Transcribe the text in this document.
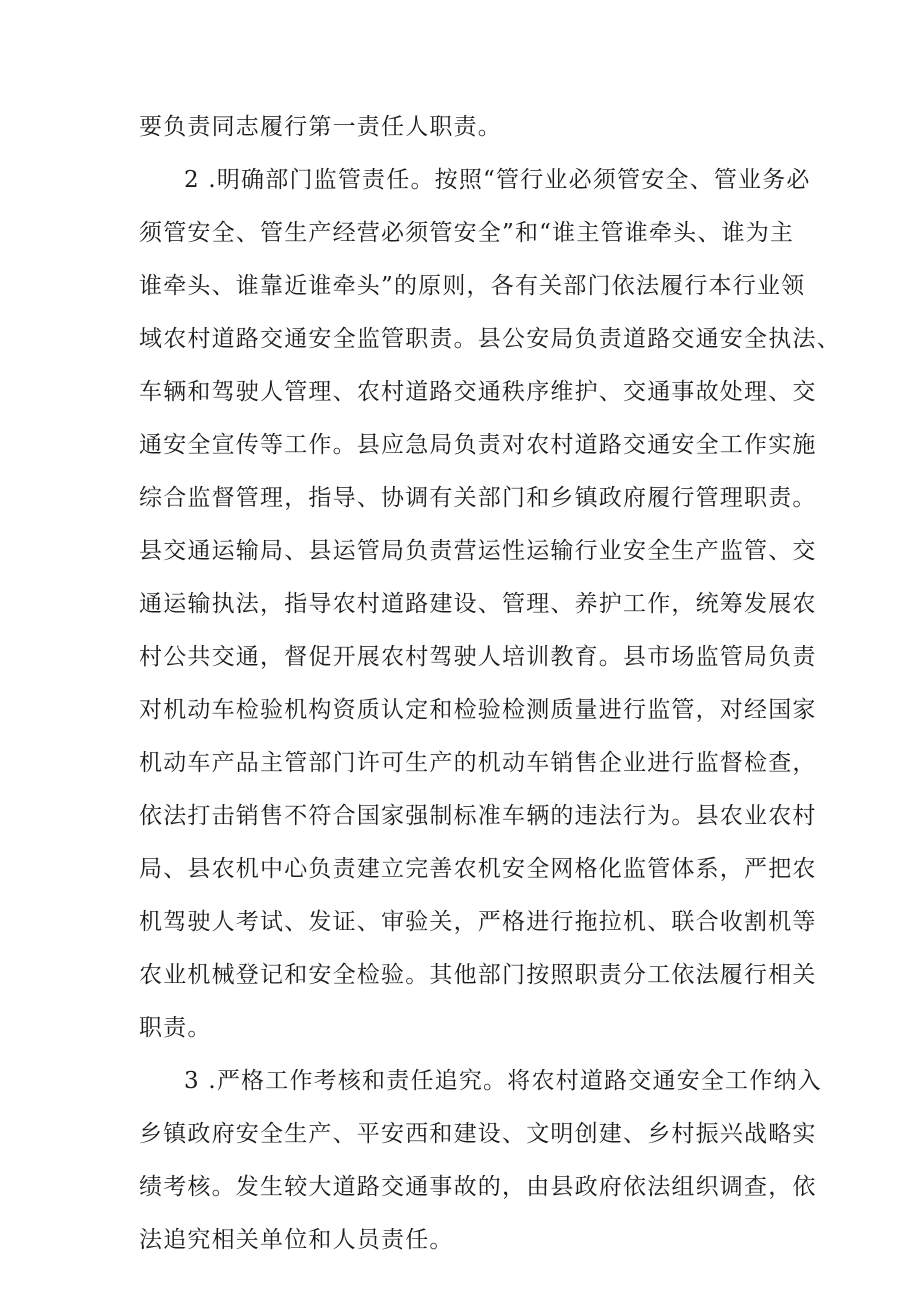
要负责同志履行第一责任人职责。
2 .明确部门监管责任。按照“管行业必须管安全、管业务必
须管安全、管生产经营必须管安全”和“谁主管谁牵头、谁为主
谁牵头、谁靠近谁牵头”的原则，各有关部门依法履行本行业领
域农村道路交通安全监管职责。县公安局负责道路交通安全执法、
车辆和驾驶人管理、农村道路交通秩序维护、交通事故处理、交
通安全宣传等工作。县应急局负责对农村道路交通安全工作实施
综合监督管理，指导、协调有关部门和乡镇政府履行管理职责。
县交通运输局、县运管局负责营运性运输行业安全生产监管、交
通运输执法，指导农村道路建设、管理、养护工作，统筹发展农
村公共交通，督促开展农村驾驶人培训教育。县市场监管局负责
对机动车检验机构资质认定和检验检测质量进行监管，对经国家
机动车产品主管部门许可生产的机动车销售企业进行监督检查，
依法打击销售不符合国家强制标准车辆的违法行为。县农业农村
局、县农机中心负责建立完善农机安全网格化监管体系，严把农
机驾驶人考试、发证、审验关，严格进行拖拉机、联合收割机等
农业机械登记和安全检验。其他部门按照职责分工依法履行相关
职责。
3 .严格工作考核和责任追究。将农村道路交通安全工作纳入
乡镇政府安全生产、平安西和建设、文明创建、乡村振兴战略实
绩考核。发生较大道路交通事故的，由县政府依法组织调查，依
法追究相关单位和人员责任。
